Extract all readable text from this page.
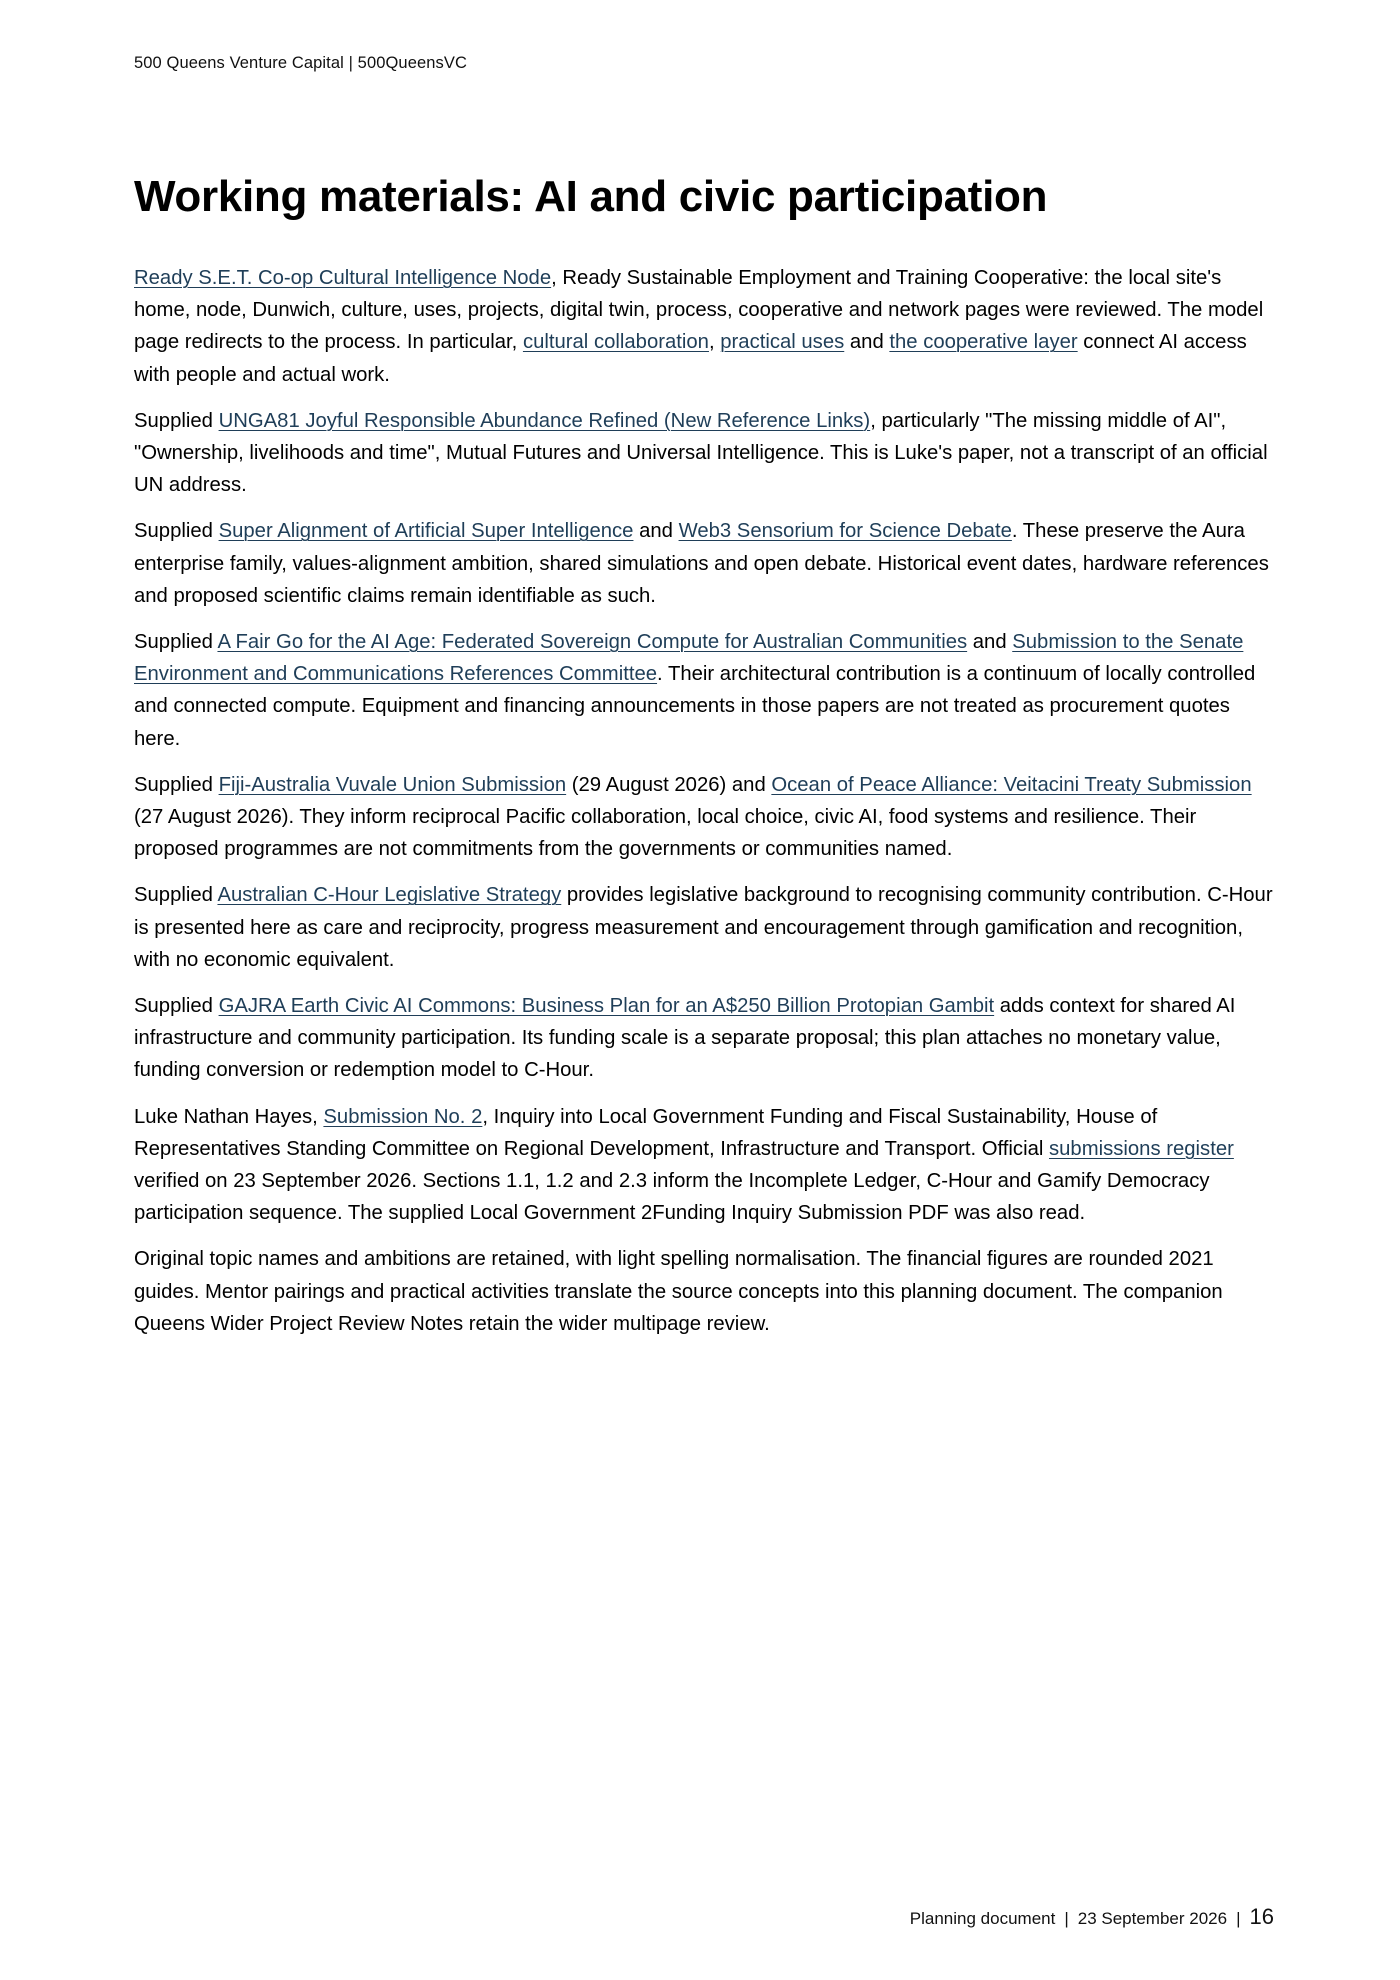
500 Queens Venture Capital | 500QueensVC
Working materials: AI and civic participation

Ready S.E.T. Co-op Cultural Intelligence Node, Ready Sustainable Employment and Training Cooperative: the local site's home, node, Dunwich, culture, uses, projects, digital twin, process, cooperative and network pages were reviewed. The model page redirects to the process. In particular, cultural collaboration, practical uses and the cooperative layer connect AI access with people and actual work.

Supplied UNGA81 Joyful Responsible Abundance Refined (New Reference Links), particularly "The missing middle of AI", "Ownership, livelihoods and time", Mutual Futures and Universal Intelligence. This is Luke's paper, not a transcript of an official UN address.

Supplied Super Alignment of Artificial Super Intelligence and Web3 Sensorium for Science Debate. These preserve the Aura enterprise family, values-alignment ambition, shared simulations and open debate. Historical event dates, hardware references and proposed scientific claims remain identifiable as such.

Supplied A Fair Go for the AI Age: Federated Sovereign Compute for Australian Communities and Submission to the Senate Environment and Communications References Committee. Their architectural contribution is a continuum of locally controlled and connected compute. Equipment and financing announcements in those papers are not treated as procurement quotes here.

Supplied Fiji-Australia Vuvale Union Submission (29 August 2026) and Ocean of Peace Alliance: Veitacini Treaty Submission (27 August 2026). They inform reciprocal Pacific collaboration, local choice, civic AI, food systems and resilience. Their proposed programmes are not commitments from the governments or communities named.

Supplied Australian C-Hour Legislative Strategy provides legislative background to recognising community contribution. C-Hour is presented here as care and reciprocity, progress measurement and encouragement through gamification and recognition, with no economic equivalent.

Supplied GAJRA Earth Civic AI Commons: Business Plan for an A$250 Billion Protopian Gambit adds context for shared AI infrastructure and community participation. Its funding scale is a separate proposal; this plan attaches no monetary value, funding conversion or redemption model to C-Hour.

Luke Nathan Hayes, Submission No. 2, Inquiry into Local Government Funding and Fiscal Sustainability, House of Representatives Standing Committee on Regional Development, Infrastructure and Transport. Official submissions register verified on 23 September 2026. Sections 1.1, 1.2 and 2.3 inform the Incomplete Ledger, C-Hour and Gamify Democracy participation sequence. The supplied Local Government 2Funding Inquiry Submission PDF was also read.

Original topic names and ambitions are retained, with light spelling normalisation. The financial figures are rounded 2021 guides. Mentor pairings and practical activities translate the source concepts into this planning document. The companion Queens Wider Project Review Notes retain the wider multipage review.

Planning document | 23 September 2026 | 16
